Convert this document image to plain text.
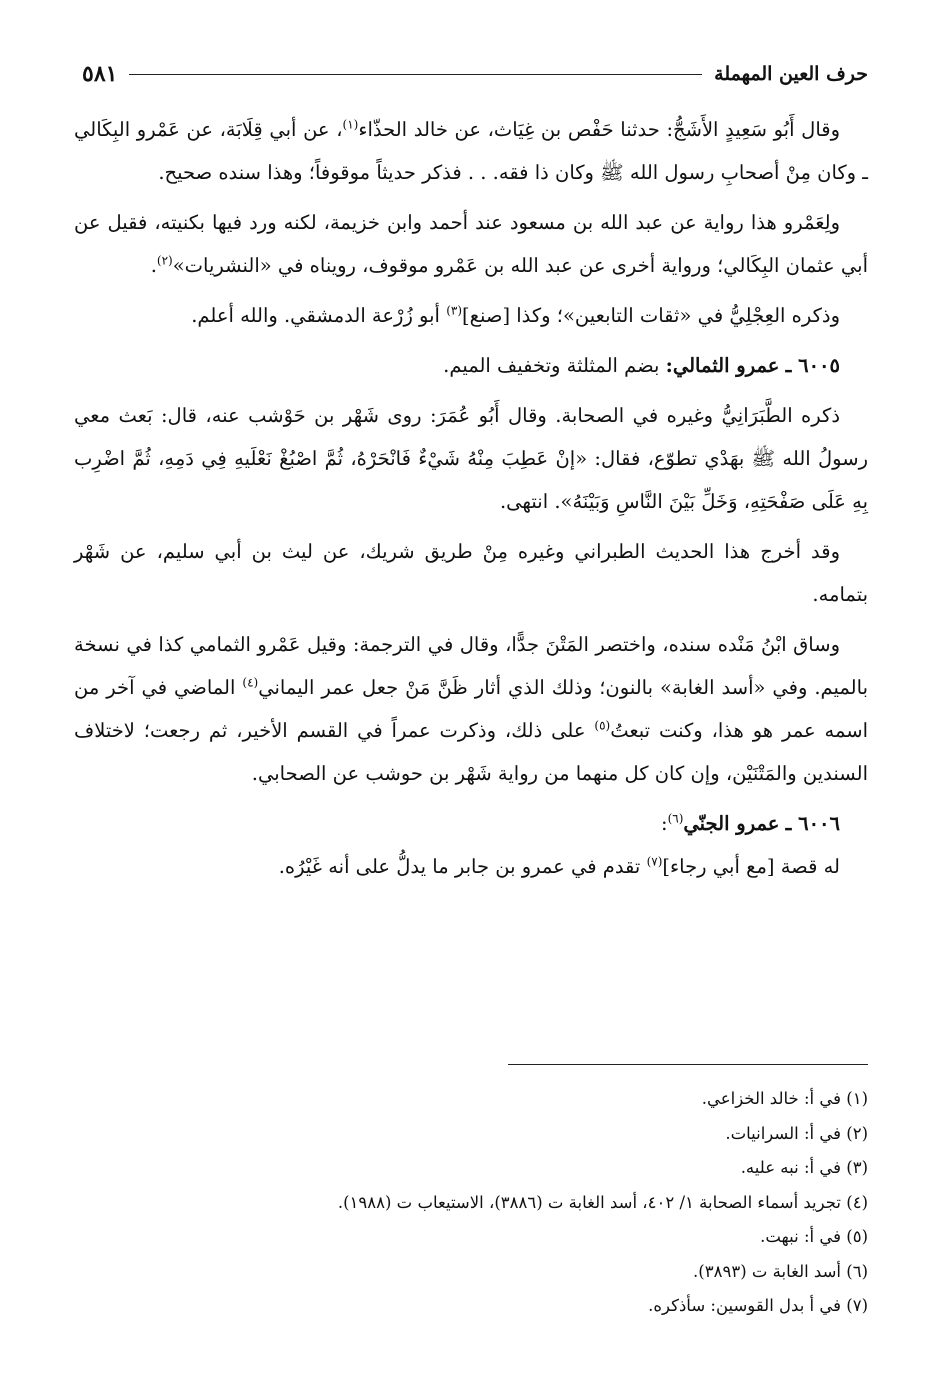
حرف العين المهملة
٥٨١

وقال أَبُو سَعِيدٍ الأَشَجُّ: حدثنا حَفْص بن غِيَاث، عن خالد الحذّاء$^{(١)}$، عن أبي قِلَابَة، عن عَمْرو البِكَالي ـ وكان مِنْ أصحابِ رسول الله ﷺ وكان ذا فقه. . . فذكر حديثاً موقوفاً؛ وهذا سنده صحيح.

ولِعَمْرو هذا رواية عن عبد الله بن مسعود عند أحمد وابن خزيمة، لكنه ورد فيها بكنيته، فقيل عن أبي عثمان البِكَالي؛ ورواية أخرى عن عبد الله بن عَمْرو موقوف، رويناه في «النشريات»$^{(٢)}$.

وذكره العِجْلِيُّ في «ثقات التابعين»؛ وكذا [صنع]$^{(٣)}$ أبو زُرْعة الدمشقي. والله أعلم.

٦٠٠٥ ـ عمرو الثمالي: بضم المثلثة وتخفيف الميم.

ذكره الطَّبَرَانِيُّ وغيره في الصحابة. وقال أَبُو عُمَرَ: روى شَهْر بن حَوْشب عنه، قال: بَعث معي رسولُ الله ﷺ بهَدْي تطوّع، فقال: «إنْ عَطِبَ مِنْهُ شَيْءٌ فَانْحَرْهُ، ثُمَّ اصْبُغْ نَعْلَيهِ فِي دَمِهِ، ثُمَّ اضْرِب بِهِ عَلَى صَفْحَتِهِ، وَخَلِّ بَيْنَ النَّاسِ وَبَيْنَهُ». انتهى.

وقد أخرج هذا الحديث الطبراني وغيره مِنْ طريق شريك، عن ليث بن أبي سليم، عن شَهْر بتمامه.

وساق ابْنُ مَنْده سنده، واختصر المَتْنَ جدًّا، وقال في الترجمة: وقيل عَمْرو الثمامي كذا في نسخة بالميم. وفي «أسد الغابة» بالنون؛ وذلك الذي أثار ظَنَّ مَنْ جعل عمر اليماني$^{(٤)}$ الماضي في آخر من اسمه عمر هو هذا، وكنت تبعتُ$^{(٥)}$ على ذلك، وذكرت عمراً في القسم الأخير، ثم رجعت؛ لاختلاف السندين والمَتْنَيْن، وإن كان كل منهما من رواية شَهْر بن حوشب عن الصحابي.

٦٠٠٦ ـ عمرو الجنّي$^{(٦)}$:

له قصة [مع أبي رجاء]$^{(٧)}$ تقدم في عمرو بن جابر ما يدلُّ على أنه غَيْرُه.

(١) في أ: خالد الخزاعي.

(٢) في أ: السرانيات.

(٣) في أ: نبه عليه.

(٤) تجريد أسماء الصحابة ١/ ٤٠٢، أسد الغابة ت (٣٨٨٦)، الاستيعاب ت (١٩٨٨).

(٥) في أ: نبهت.

(٦) أسد الغابة ت (٣٨٩٣).

(٧) في أ بدل القوسين: سأذكره.
